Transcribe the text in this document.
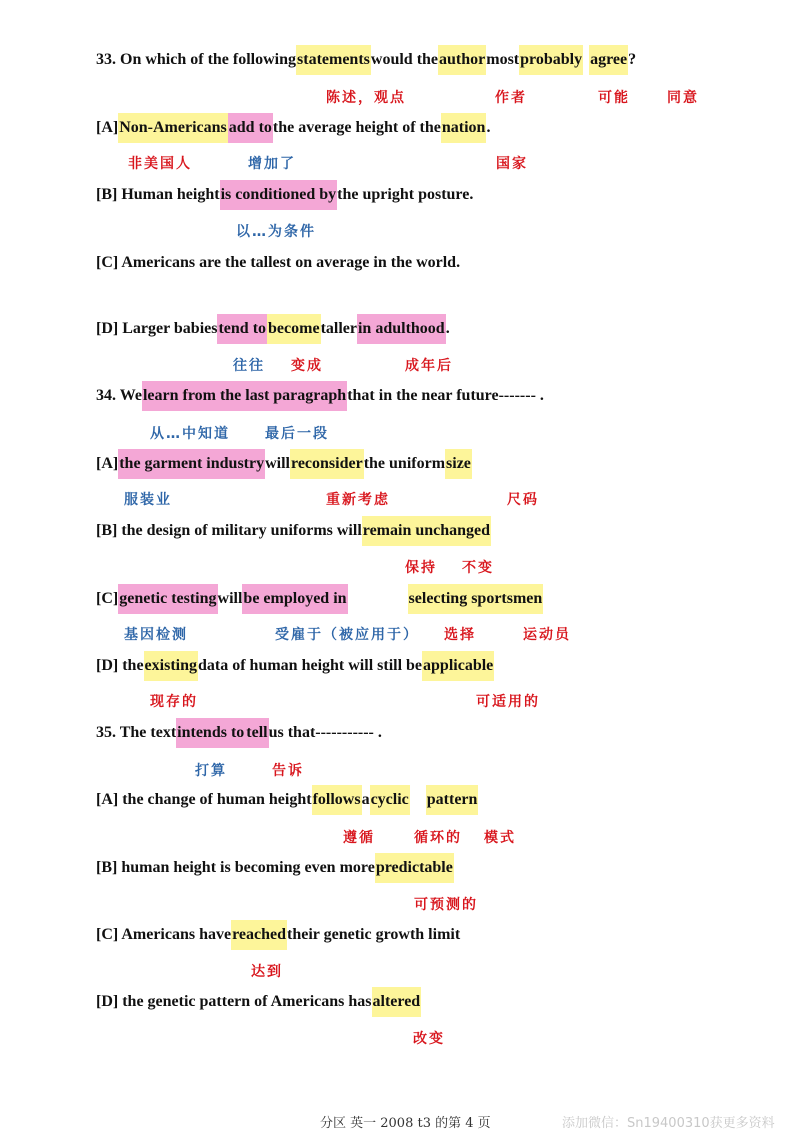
33. On which of the followingstatementswould theauthormostprobably agree?
陈述，观点	作者	可能	同意
[A]Non-Americans add tothe average height of thenation.
非美国人	增加了	国家
[B] Human heightis conditioned bythe upright posture.
以…为条件
[C] Americans are the tallest on average in the world.
[D] Larger babiestend to becometallerin adulthood.
往往 变成	成年后
34. Welearn from the last paragraphthat in the near future------- .
从…中知道	最后一段
[A]the garment industrywillreconsiderthe uniformsize
服装业	重新考虑	尺码
[B] the design of military uniforms willremain unchanged
保持 不变
[C]genetic testingwillbe employed in	selecting sportsmen
基因检测	受雇于（被应用于） 选择	运动员
[D] theexistingdata of human height will still beapplicable
现存的	可适用的
35. The textintends to tellus that----------- .
打算	告诉
[A] the change of human heightfollowsacyclic pattern
遵循	循环的 模式
[B] human height is becoming even morepredictable
可预测的
[C] Americans havereachedtheir genetic growth limit
达到
[D] the genetic pattern of Americans hasaltered
改变
分区 英一 2008 t3 的第 4 页	添加微信：Sn19400310获更多资料
